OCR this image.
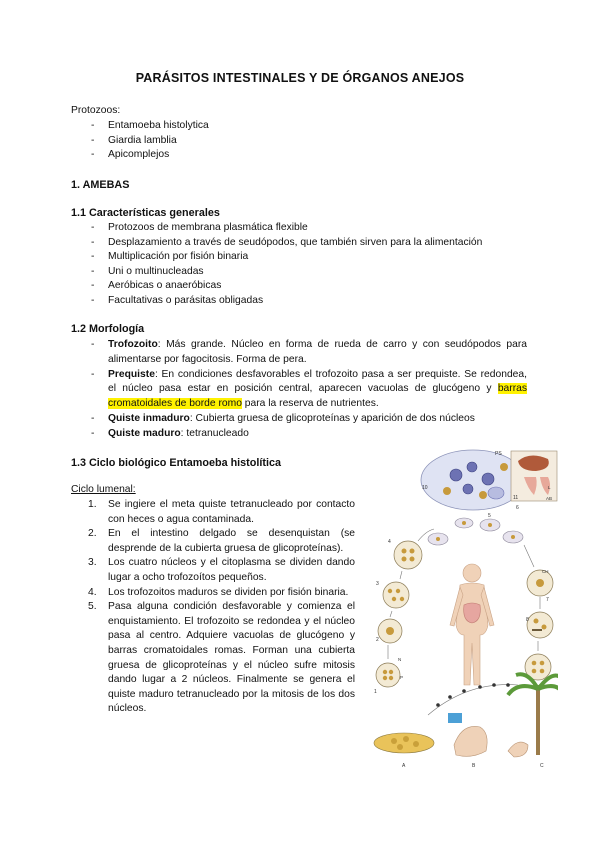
PARÁSITOS INTESTINALES Y DE ÓRGANOS ANEJOS
Protozoos:
- Entamoeba histolytica
- Giardia lamblia
- Apicomplejos
1. AMEBAS
1.1 Características generales
- Protozoos de membrana plasmática flexible
- Desplazamiento a través de seudópodos, que también sirven para la alimentación
- Multiplicación por fisión binaria
- Uni o multinucleadas
- Aeróbicas o anaeróbicas
- Facultativas o parásitas obligadas
1.2 Morfología
- Trofozoito: Más grande. Núcleo en forma de rueda de carro y con seudópodos para alimentarse por fagocitosis. Forma de pera.
- Prequiste: En condiciones desfavorables el trofozoito pasa a ser prequiste. Se redondea, el núcleo pasa estar en posición central, aparecen vacuolas de glucógeno y barras cromatoidales de borde romo para la reserva de nutrientes.
- Quiste inmaduro: Cubierta gruesa de glicoproteínas y aparición de dos núcleos
- Quiste maduro: tetranucleado
1.3 Ciclo biológico Entamoeba histolítica
Ciclo lumenal:
1. Se ingiere el meta quiste tetranucleado por contacto con heces o agua contaminada.
2. En el intestino delgado se desenquistan (se desprende de la cubierta gruesa de glicoproteínas).
3. Los cuatro núcleos y el citoplasma se dividen dando lugar a ocho trofozoítos pequeños.
4. Los trofozoitos maduros se dividen por fisión binaria.
5. Pasa alguna condición desfavorable y comienza el enquistamiento. El trofozoito se redondea y el núcleo pasa al centro. Adquiere vacuolas de glucógeno y barras cromatoidales romas. Forman una cubierta gruesa de glicoproteínas y el núcleo sufre mitosis dando lugar a 2 núcleos. Finalmente se genera el quiste maduro tetranucleado por la mitosis de los dos núcleos.
10
PS
11	AB
5
4
3
2
N
P
1
CH
7
8
9
A	B	C
6
L
